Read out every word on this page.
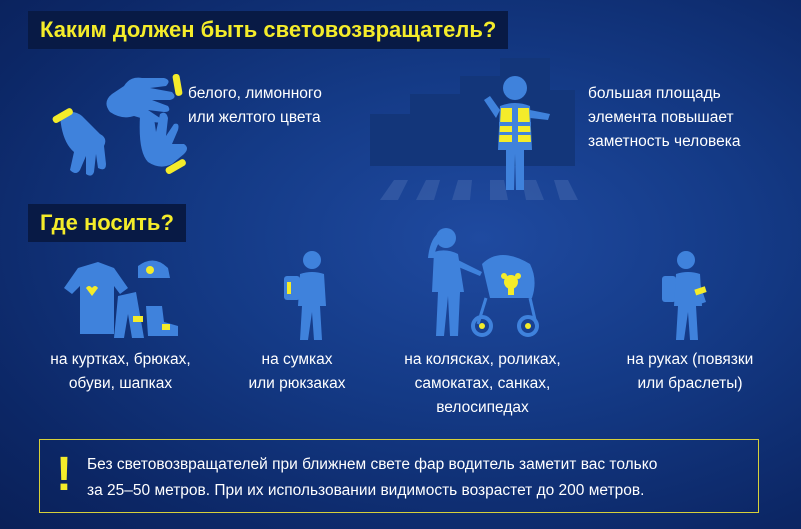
Каким должен быть световозвращатель?
белого, лимонного
или желтого цвета
большая площадь
элемента повышает
заметность человека
Где носить?
на куртках, брюках,
обуви, шапках
на сумках
или рюкзаках
на колясках, роликах,
самокатах, санках,
велосипедах
на руках (повязки
или браслеты)
! Без световозвращателей при ближнем свете фар водитель заметит вас только
за 25–50 метров. При их использовании видимость возрастет до 200 метров.
